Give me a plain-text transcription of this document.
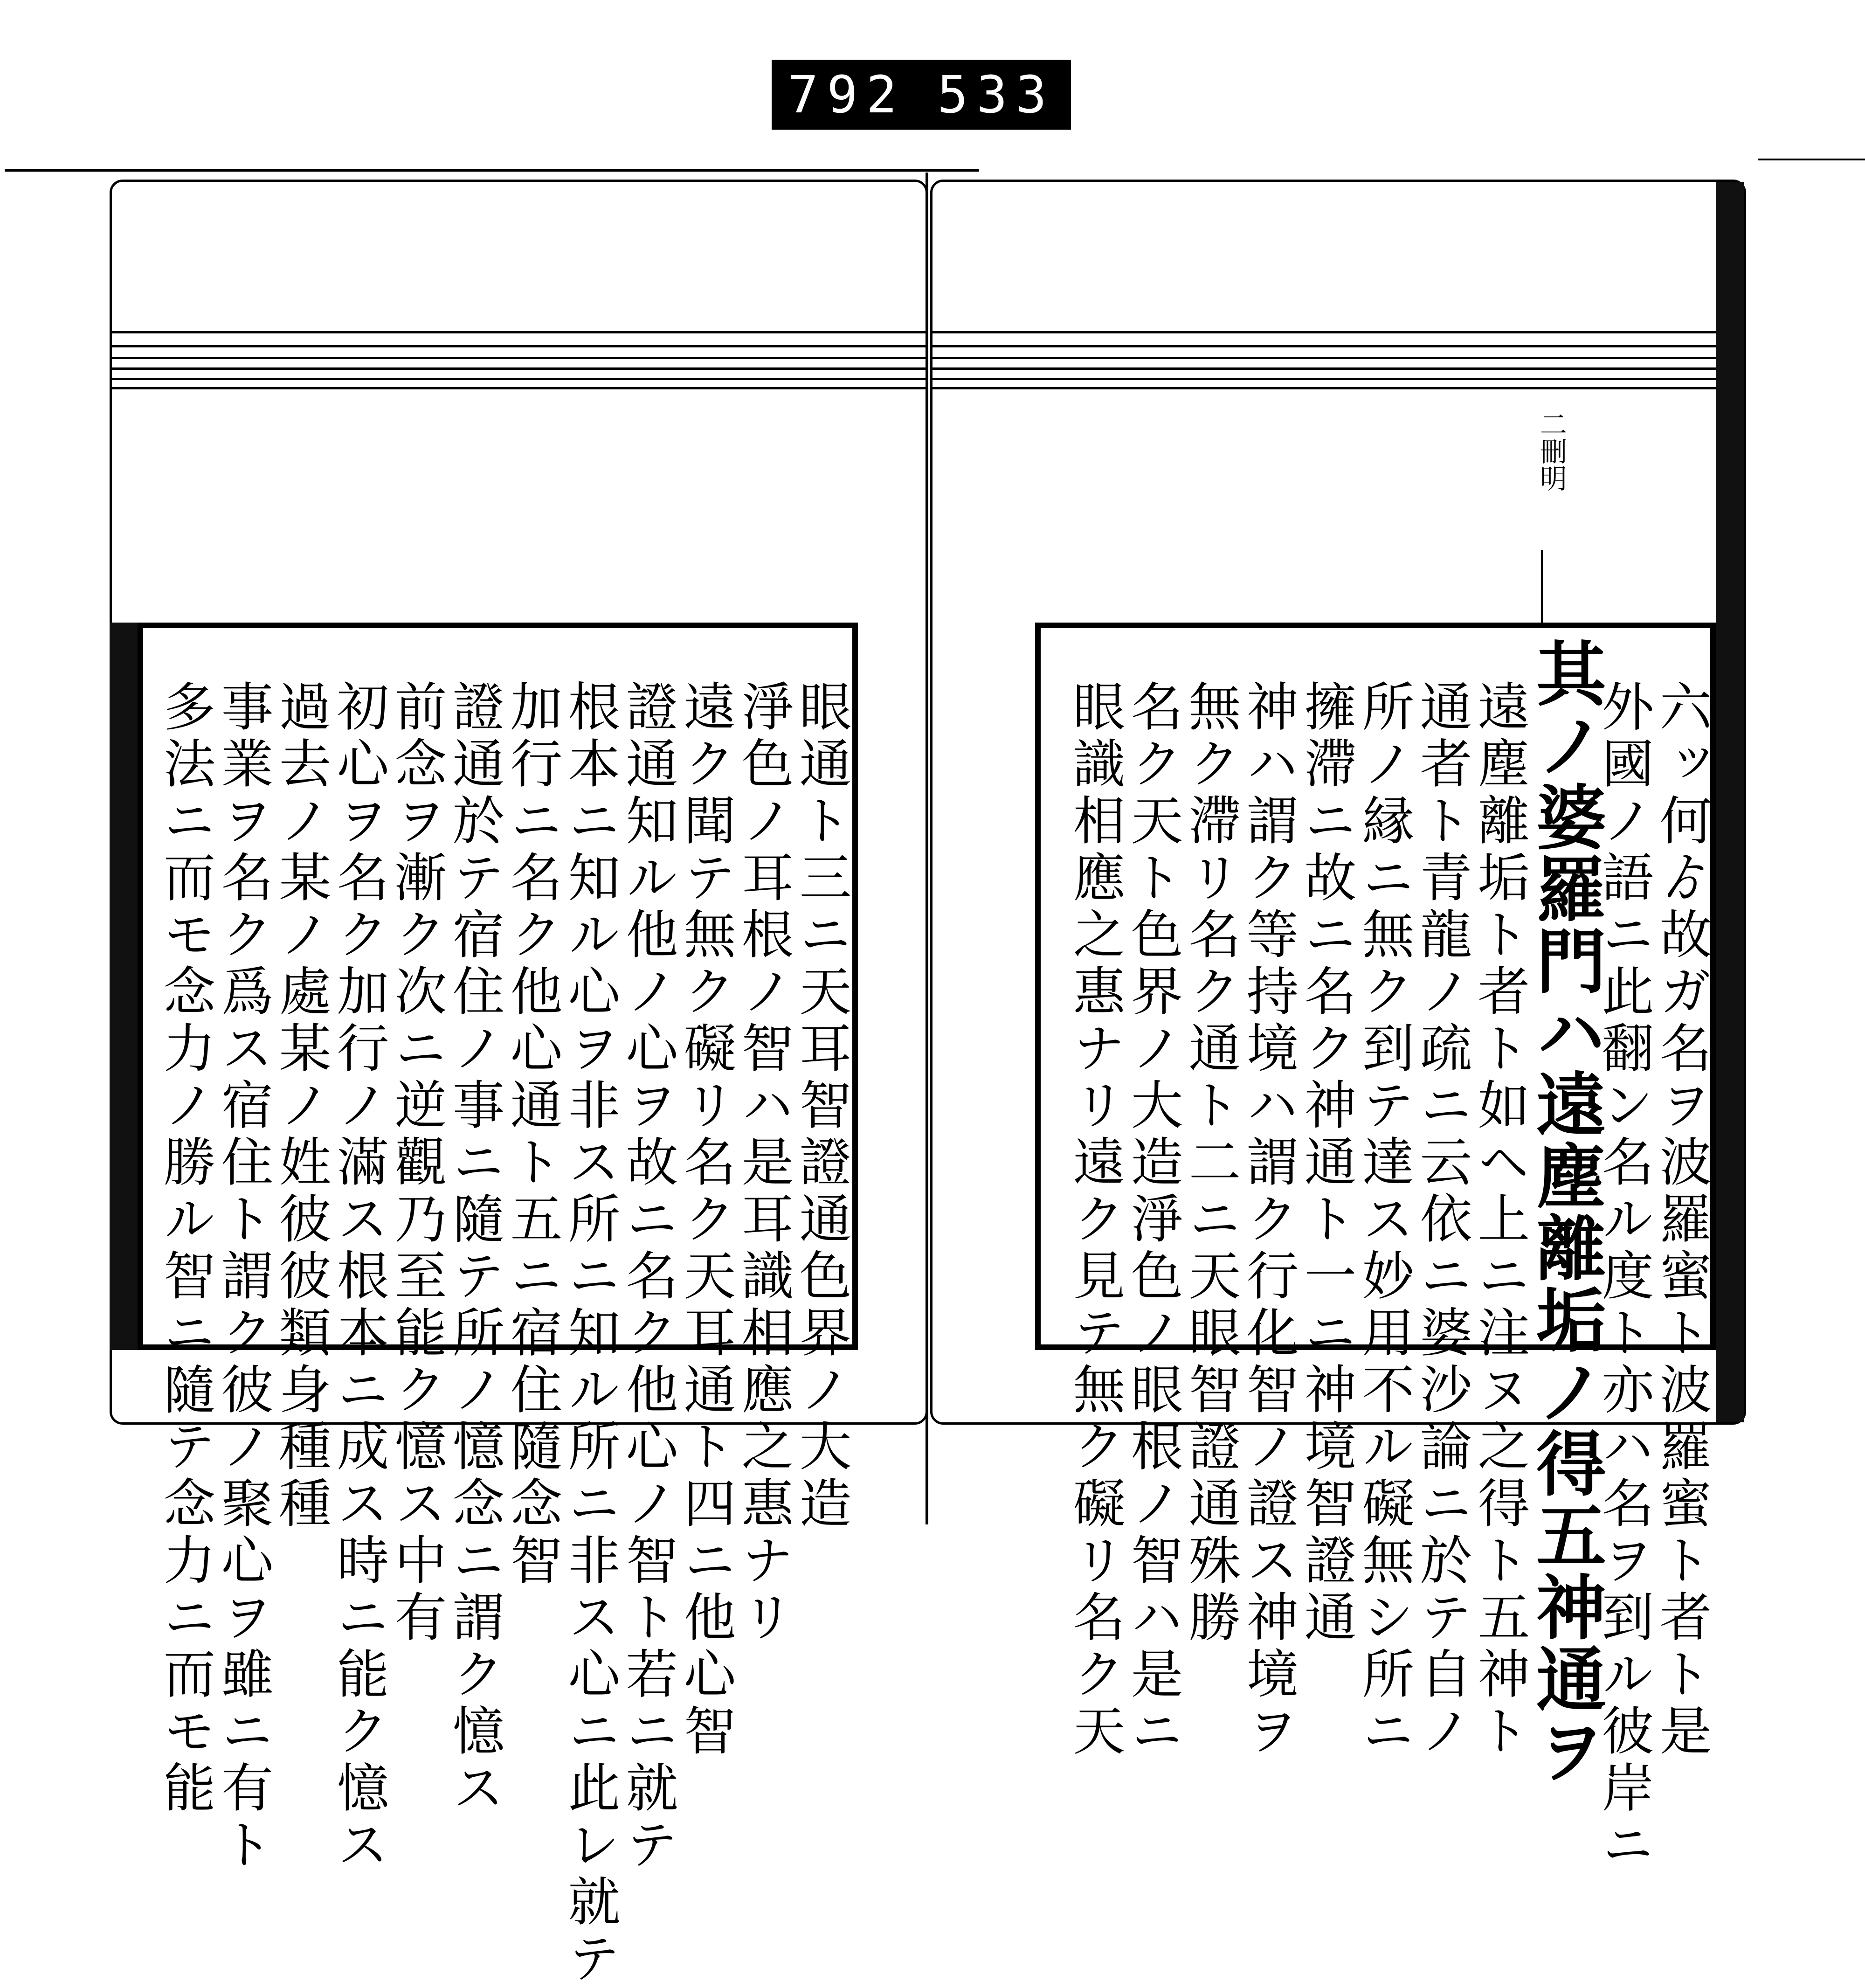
792 533
眼通ト三ニ天耳智證通色界ノ大造
淨色ノ耳根ノ智ハ是耳識相應之惠ナリ
遠ク聞テ無ク礙リ名ク天耳通ト四ニ他心智
證通知ル他ノ心ヲ故ニ名ク他心ノ智ト若ニ就テ
根本ニ知ル心ヲ非ス所ニ知ル所ニ非ス心ニ此レ就テ
加行ニ名ク他心通ト五ニ宿住隨念智
證通於テ宿住ノ事ニ隨テ所ノ憶念ニ謂ク憶ス
前念ヲ漸ク次ニ逆觀乃至能ク憶ス中有
初心ヲ名ク加行ノ滿ス根本ニ成ス時ニ能ク憶ス
過去ノ某ノ處某ノ姓彼彼類身種種
事業ヲ名ク爲ス宿住ト謂ク彼ノ聚心ヲ雖ニ有ト
多法ニ而モ念力ノ勝ル智ニ隨テ念力ニ而モ能
二刪明
六ッ何ゟ故ガ名ヲ波羅蜜ト波羅蜜ト者ト是
外國ノ語ニ此翻ン名ル度ト亦ハ名ヲ到ル彼岸ニ
其ノ婆羅門ハ遠塵離垢ノ得五神通ヲ
遠塵離垢ト者ト如ヘ上ニ注ヌ之得ト五神ト
通者ト青龍ノ疏ニ云依ニ婆沙論ニ於テ自ノ
所ノ縁ニ無ク到テ達ス妙用不ル礙無シ所ニ
擁滯ニ故ニ名ク神通ト一ニ神境智證通
神ハ謂ク等持境ハ謂ク行化智ノ證ス神境ヲ
無ク滯リ名ク通ト二ニ天眼智證通殊勝
名ク天ト色界ノ大造淨色ノ眼根ノ智ハ是ニ
眼識相應之惠ナリ遠ク見テ無ク礙リ名ク天
